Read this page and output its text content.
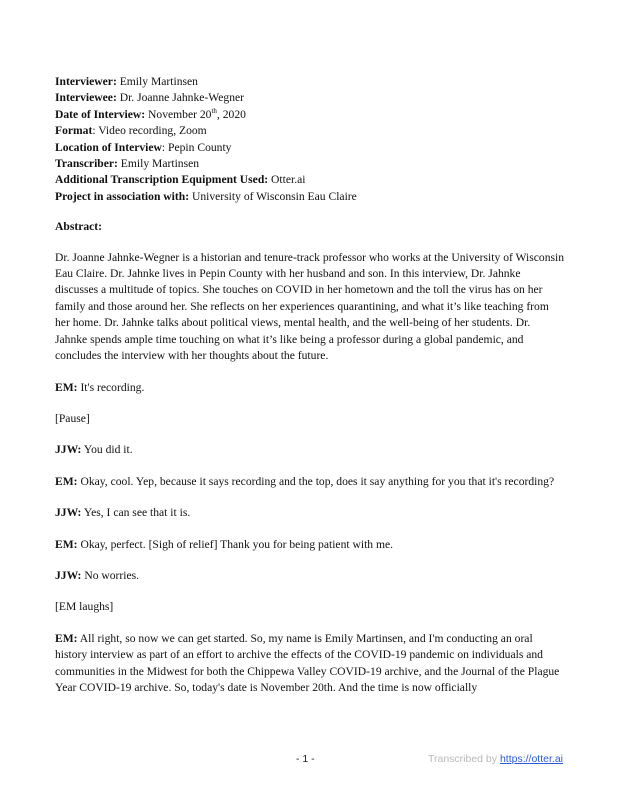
Interviewer: Emily Martinsen
Interviewee: Dr. Joanne Jahnke-Wegner
Date of Interview: November 20th, 2020
Format: Video recording, Zoom
Location of Interview: Pepin County
Transcriber: Emily Martinsen
Additional Transcription Equipment Used: Otter.ai
Project in association with: University of Wisconsin Eau Claire
Abstract:
Dr. Joanne Jahnke-Wegner is a historian and tenure-track professor who works at the University of Wisconsin Eau Claire. Dr. Jahnke lives in Pepin County with her husband and son. In this interview, Dr. Jahnke discusses a multitude of topics. She touches on COVID in her hometown and the toll the virus has on her family and those around her. She reflects on her experiences quarantining, and what it’s like teaching from her home. Dr. Jahnke talks about political views, mental health, and the well-being of her students. Dr. Jahnke spends ample time touching on what it’s like being a professor during a global pandemic, and concludes the interview with her thoughts about the future.
EM: It's recording.
[Pause]
JJW: You did it.
EM: Okay, cool. Yep, because it says recording and the top, does it say anything for you that it's recording?
JJW: Yes, I can see that it is.
EM: Okay, perfect. [Sigh of relief] Thank you for being patient with me.
JJW: No worries.
[EM laughs]
EM: All right, so now we can get started. So, my name is Emily Martinsen, and I'm conducting an oral history interview as part of an effort to archive the effects of the COVID-19 pandemic on individuals and communities in the Midwest for both the Chippewa Valley COVID-19 archive, and the Journal of the Plague Year COVID-19 archive. So, today's date is November 20th. And the time is now officially
- 1 -	Transcribed by https://otter.ai
